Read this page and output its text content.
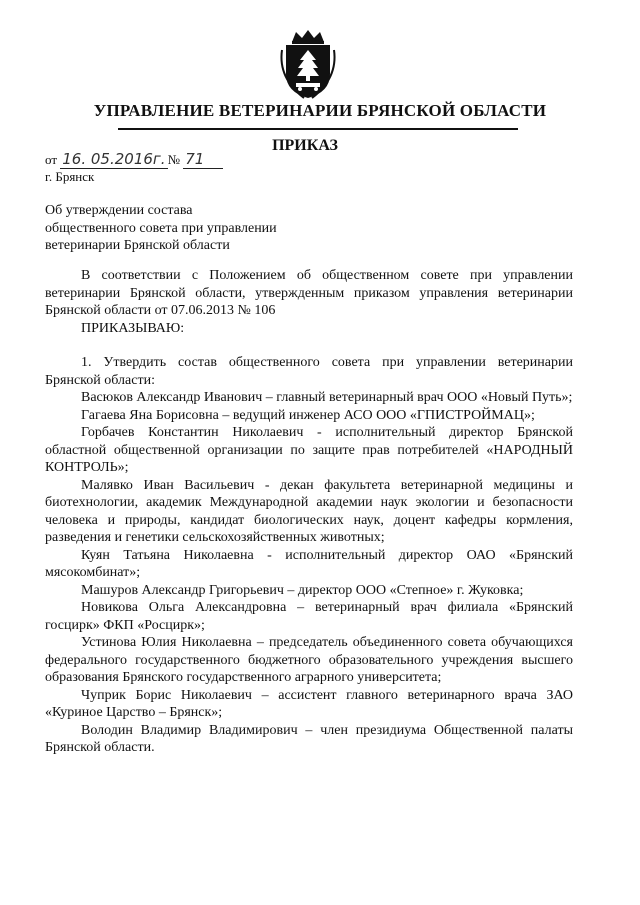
УПРАВЛЕНИЕ ВЕТЕРИНАРИИ БРЯНСКОЙ ОБЛАСТИ
ПРИКАЗ
от 16. 05.2016г. № 71
г. Брянск
Об утверждении состава
общественного совета при управлении
ветеринарии Брянской области

В соответствии с Положением об общественном совете при управлении ветеринарии Брянской области, утвержденным приказом управления ветеринарии Брянской области от 07.06.2013 № 106

ПРИКАЗЫВАЮ:

1. Утвердить состав общественного совета при управлении ветеринарии Брянской области:

Васюков Александр Иванович – главный ветеринарный врач ООО «Новый Путь»;

Гагаева Яна Борисовна – ведущий инженер АСО ООО «ГПИСТРОЙМАЦ»;

Горбачев Константин Николаевич - исполнительный директор Брянской областной общественной организации по защите прав потребителей «НАРОДНЫЙ КОНТРОЛЬ»;

Малявко Иван Васильевич - декан факультета ветеринарной медицины и биотехнологии, академик Международной академии наук экологии и безопасности человека и природы, кандидат биологических наук, доцент кафедры кормления, разведения и генетики сельскохозяйственных животных;

Куян Татьяна Николаевна - исполнительный директор ОАО «Брянский мясокомбинат»;

Машуров Александр Григорьевич – директор ООО «Степное» г. Жуковка;

Новикова Ольга Александровна – ветеринарный врач филиала «Брянский госцирк» ФКП «Росцирк»;

Устинова Юлия Николаевна – председатель объединенного совета обучающихся федерального государственного бюджетного образовательного учреждения высшего образования Брянского государственного аграрного университета;

Чуприк Борис Николаевич – ассистент главного ветеринарного врача ЗАО «Куриное Царство – Брянск»;

Володин Владимир Владимирович – член президиума Общественной палаты Брянской области.
